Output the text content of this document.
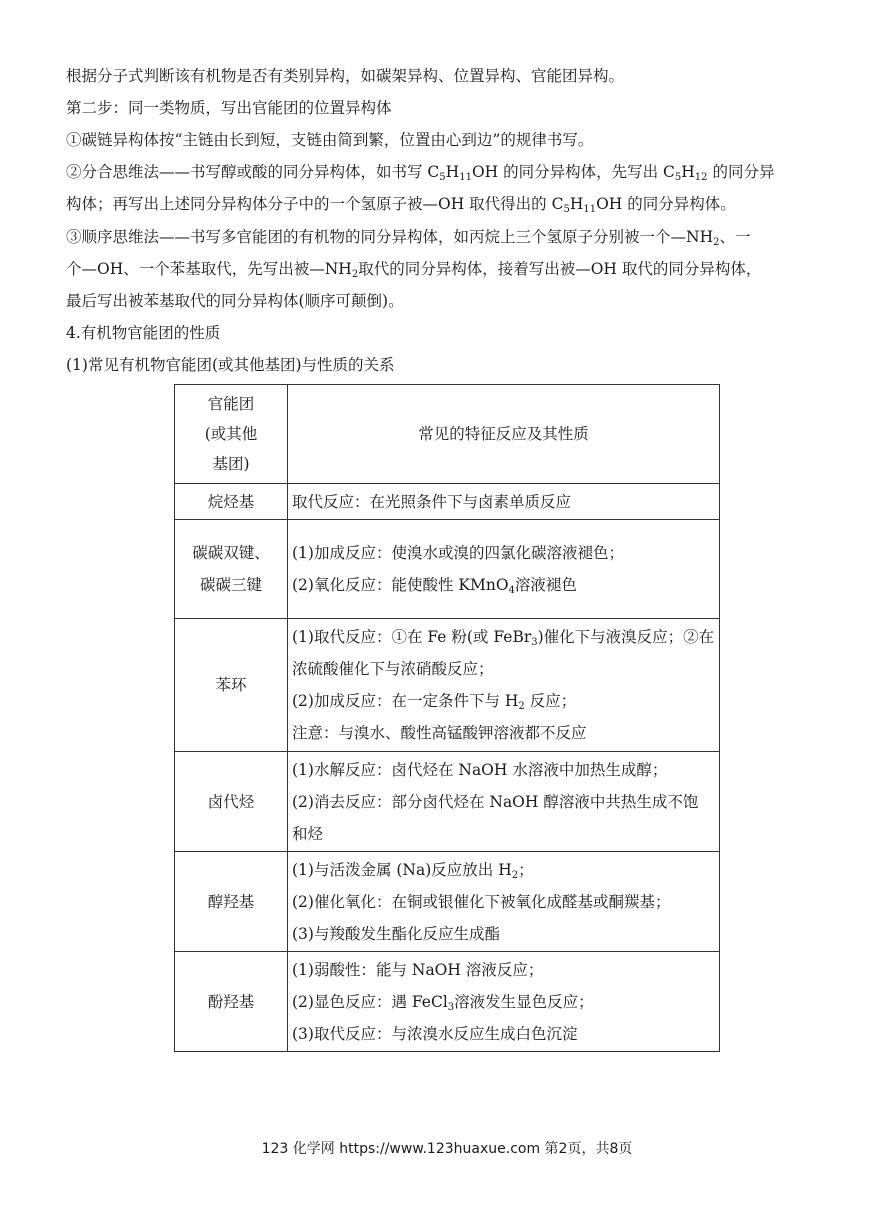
根据分子式判断该有机物是否有类别异构，如碳架异构、位置异构、官能团异构。
第二步：同一类物质，写出官能团的位置异构体
①碳链异构体按“主链由长到短，支链由简到繁，位置由心到边”的规律书写。
②分合思维法——书写醇或酸的同分异构体，如书写 $C_5H_{11}OH$ 的同分异构体，先写出 $C_5H_{12}$ 的同分异
构体；再写出上述同分异构体分子中的一个氢原子被—OH 取代得出的 $C_5H_{11}OH$ 的同分异构体。
③顺序思维法——书写多官能团的有机物的同分异构体，如丙烷上三个氢原子分别被一个$—NH_2$、一
个—OH、一个苯基取代，先写出被$—NH_2$取代的同分异构体，接着写出被—OH 取代的同分异构体，
最后写出被苯基取代的同分异构体(顺序可颠倒)。
4.有机物官能团的性质
(1)常见有机物官能团(或其他基团)与性质的关系
官能团
(或其他
基团)	常见的特征反应及其性质
烷烃基	取代反应：在光照条件下与卤素单质反应

碳碳双键、
碳碳三键	(1)加成反应：使溴水或溴的四氯化碳溶液褪色；
(2)氧化反应：能使酸性 KMnO$_4$溶液褪色

苯环	(1)取代反应：①在 Fe 粉(或 FeBr$_3$)催化下与液溴反应；②在
浓硫酸催化下与浓硝酸反应；
(2)加成反应：在一定条件下与 $H_2$ 反应；
注意：与溴水、酸性高锰酸钾溶液都不反应

卤代烃	(1)水解反应：卤代烃在 NaOH 水溶液中加热生成醇；
(2)消去反应：部分卤代烃在 NaOH 醇溶液中共热生成不饱
和烃

醇羟基	(1)与活泼金属 (Na)反应放出 $H_2$；
(2)催化氧化：在铜或银催化下被氧化成醛基或酮羰基；
(3)与羧酸发生酯化反应生成酯

酚羟基	(1)弱酸性：能与 NaOH 溶液反应；
(2)显色反应：遇 FeCl$_3$溶液发生显色反应；
(3)取代反应：与浓溴水反应生成白色沉淀
123 化学网 https://www.123huaxue.com 第2页，共8页
